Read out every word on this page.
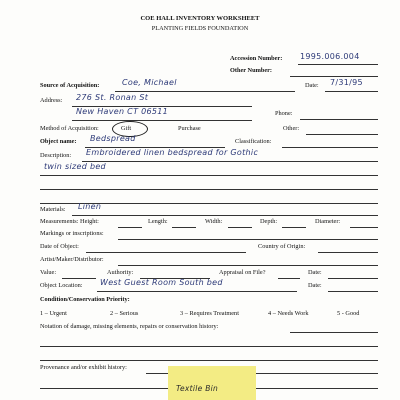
COE HALL INVENTORY WORKSHEET
PLANTING FIELDS FOUNDATION
Accession Number: 1995.006.004
Other Number:
Source of Acquisition:	Coe, Michael	Date: 7/31/95
Address: 276 St. Ronan St
New Haven CT 06511	Phone:
Method of Acquisition:	Gift	Purchase	Other:
Object name: Bedspread	Classification:
Description: Embroidered linen bedspread for Gothic
twin sized bed
Materials: Linen
Measurements: Height:	Length:	Width:	Depth:	Diameter:
Markings or inscriptions:
Date of Object:	Country of Origin:
Artist/Maker/Distributor:
Value:	Authority:	Appraisal on File?	Date:
Object Location: West Guest Room South bed	Date:
Condition/Conservation Priority:
1 – Urgent	2 – Serious	3 – Requires Treatment	4 – Needs Work	5 - Good
Notation of damage, missing elements, repairs or conservation history:
Provenance and/or exhibit history:
Textile Bin
